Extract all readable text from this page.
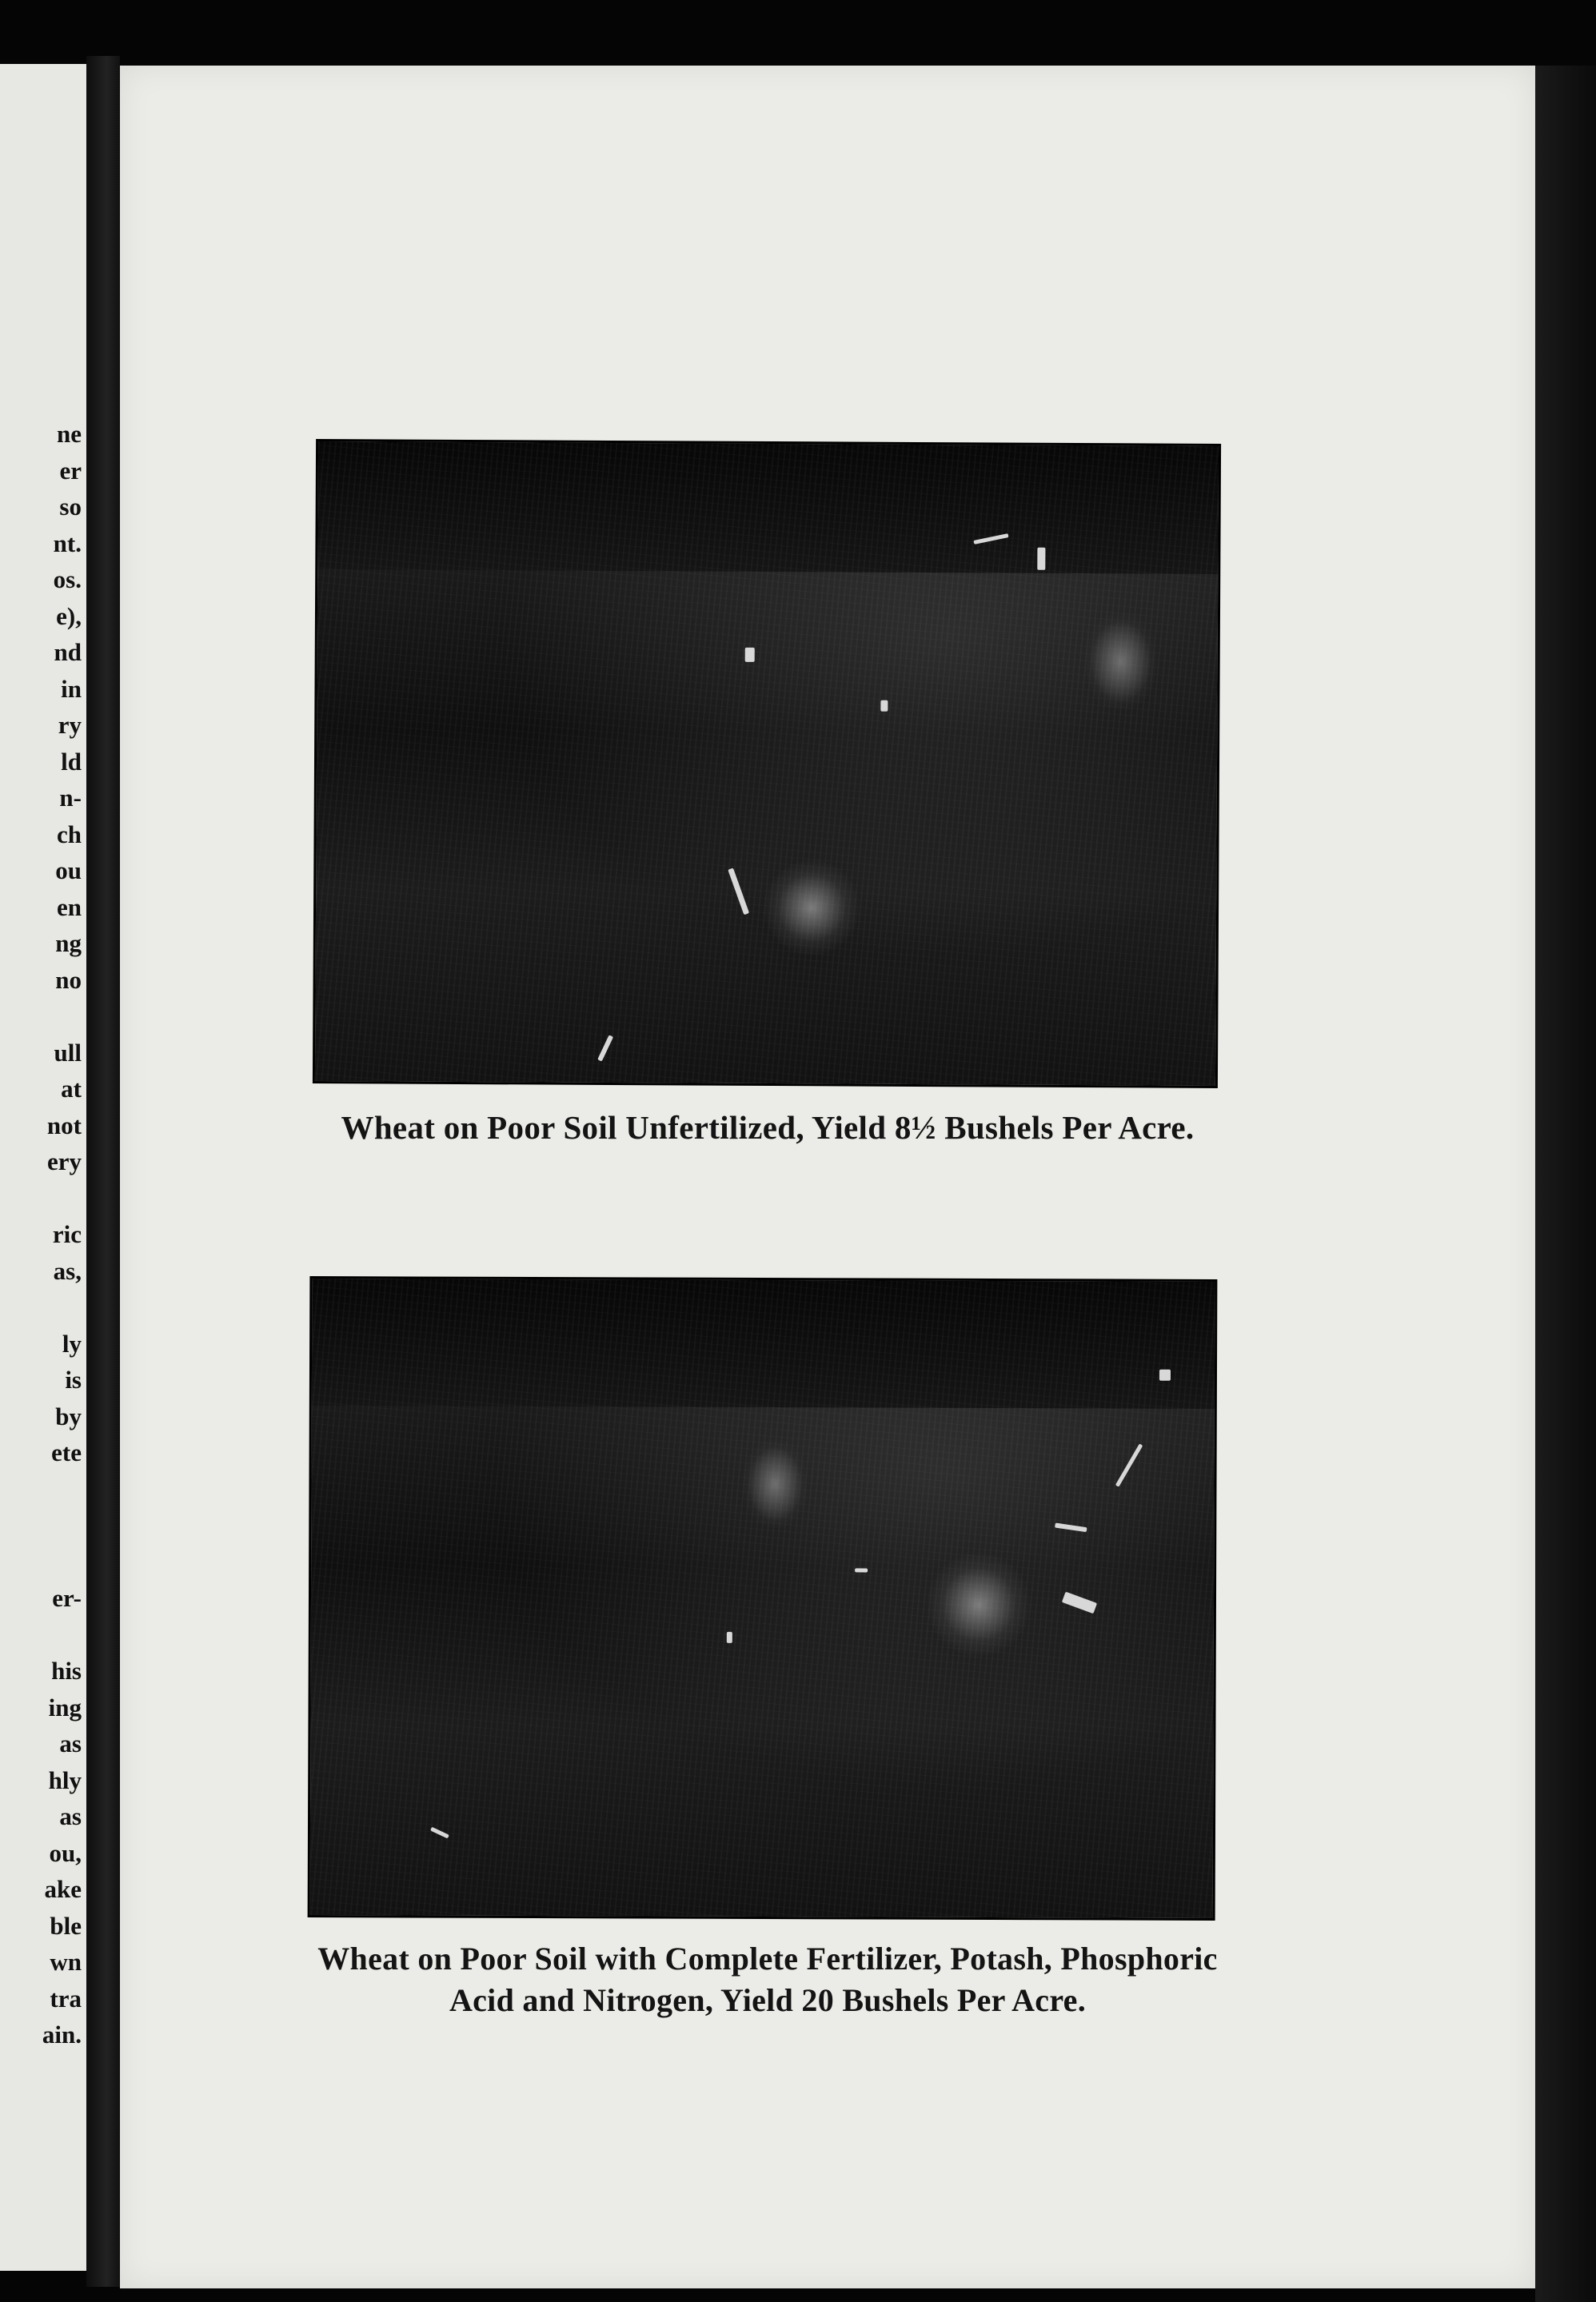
ne
er
so
nt.
os.
e),
nd
in
ry
ld
n-
ch
ou
en
ng
no
ull
at
not
ery
ric
as,
ly
is
by
ete
er-
his
ing
as
hly
as
ou,
ake
ble
wn
tra
ain.
Wheat on Poor Soil Unfertilized, Yield 8½ Bushels Per Acre.
Wheat on Poor Soil with Complete Fertilizer, Potash, Phosphoric
Acid and Nitrogen, Yield 20 Bushels Per Acre.
